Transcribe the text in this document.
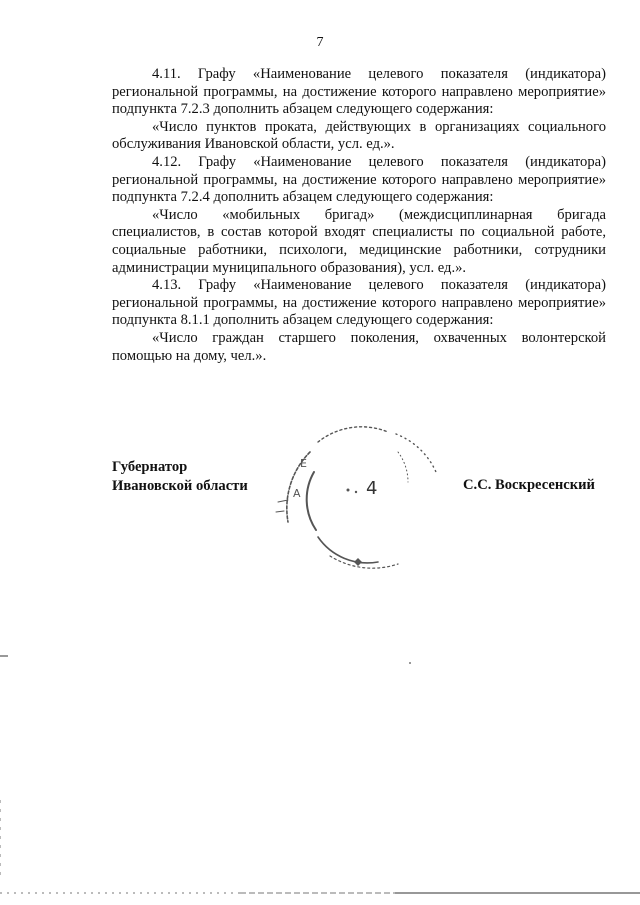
7

4.11. Графу «Наименование целевого показателя (индикатора) региональной программы, на достижение которого направлено мероприятие» подпункта 7.2.3 дополнить абзацем следующего содержания:

«Число пунктов проката, действующих в организациях социального обслуживания Ивановской области, усл. ед.».

4.12. Графу «Наименование целевого показателя (индикатора) региональной программы, на достижение которого направлено мероприятие» подпункта 7.2.4 дополнить абзацем следующего содержания:

«Число «мобильных бригад» (междисциплинарная бригада специалистов, в состав которой входят специалисты по социальной работе, социальные работники, психологи, медицинские работники, сотрудники администрации муниципального образования), усл. ед.».

4.13. Графу «Наименование целевого показателя (индикатора) региональной программы, на достижение которого направлено мероприятие» подпункта 8.1.1 дополнить абзацем следующего содержания:

«Число граждан старшего поколения, охваченных волонтерской помощью на дому, чел.».

Губернатор
Ивановской области	С.С. Воскресенский
Е
А	4
